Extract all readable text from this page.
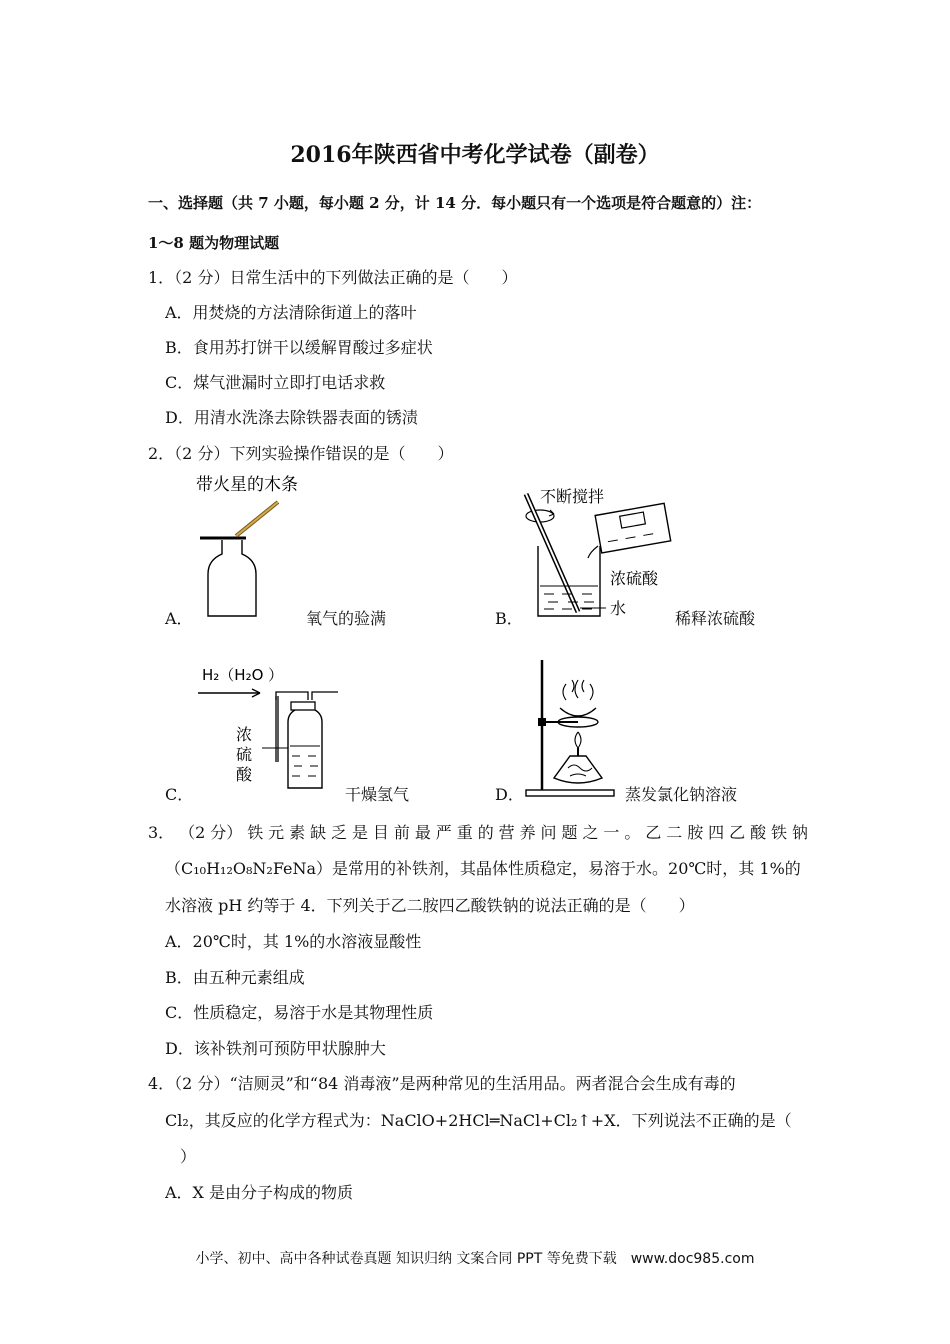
2016年陕西省中考化学试卷（副卷）
一、选择题（共 7 小题，每小题 2 分，计 14 分．每小题只有一个选项是符合题意的）注：
1～8 题为物理试题
1．（2 分）日常生活中的下列做法正确的是（　　）
A．用焚烧的方法清除街道上的落叶
B．食用苏打饼干以缓解胃酸过多症状
C．煤气泄漏时立即打电话求救
D．用清水洗涤去除铁器表面的锈渍
2．（2 分）下列实验操作错误的是（　　）
带火星的木条
A．	氧气的验满
不断搅拌
浓硫酸
水
B．	稀释浓硫酸
H₂（H₂O ）
浓
硫
酸
C．	干燥氢气	D．	蒸发氯化钠溶液
3． （2 分） 铁 元 素 缺 乏 是 目 前 最 严 重 的 营 养 问 题 之 一 。 乙 二 胺 四 乙 酸 铁 钠
（C₁₀H₁₂O₈N₂FeNa）是常用的补铁剂，其晶体性质稳定，易溶于水。20℃时，其 1%的
水溶液 pH 约等于 4．下列关于乙二胺四乙酸铁钠的说法正确的是（　　）
A．20℃时，其 1%的水溶液显酸性
B．由五种元素组成
C．性质稳定，易溶于水是其物理性质
D．该补铁剂可预防甲状腺肿大
4．（2 分）“洁厕灵”和“84 消毒液”是两种常见的生活用品。两者混合会生成有毒的
Cl₂，其反应的化学方程式为：NaClO+2HCl═NaCl+Cl₂↑+X．下列说法不正确的是（
）
A．X 是由分子构成的物质
小学、初中、高中各种试卷真题 知识归纳 文案合同 PPT 等免费下载　www.doc985.com
